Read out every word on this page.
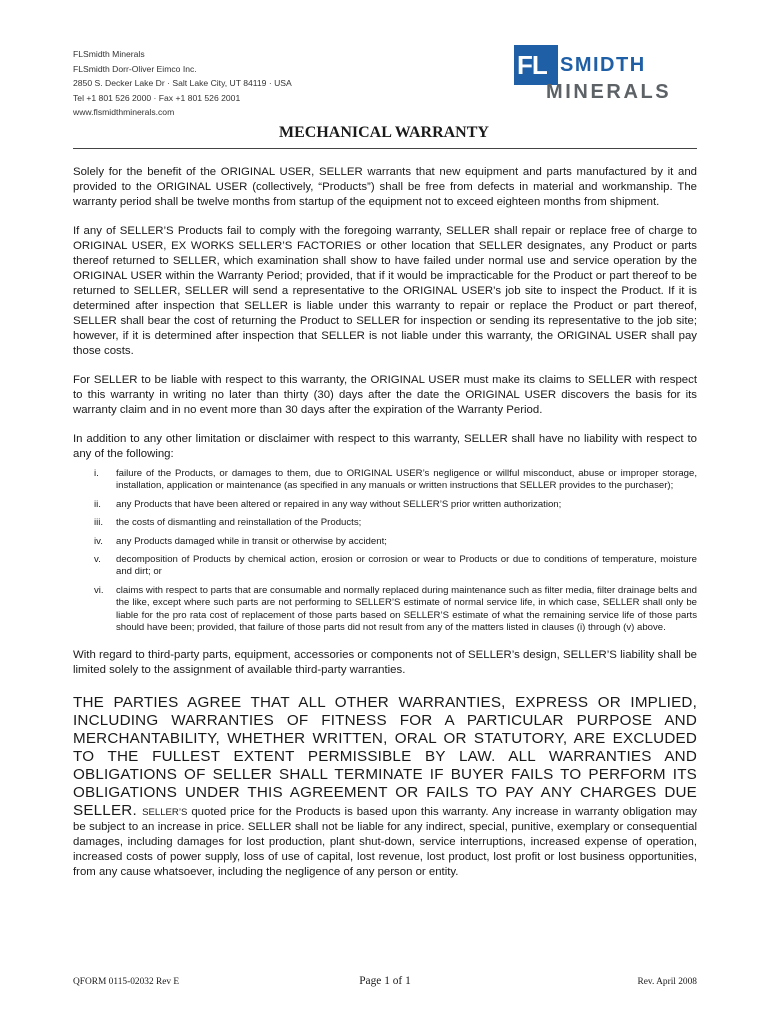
FLSmidth Minerals
FLSmidth Dorr-Oliver Eimco Inc.
2850 S. Decker Lake Dr · Salt Lake City, UT 84119 · USA
Tel +1 801 526 2000 · Fax +1 801 526 2001
www.flsmidthminerals.com
FL SMIDTH
MINERALS
MECHANICAL WARRANTY

Solely for the benefit of the ORIGINAL USER, SELLER warrants that new equipment and parts manufactured by it and provided to the ORIGINAL USER (collectively, “Products”) shall be free from defects in material and workmanship. The warranty period shall be twelve months from startup of the equipment not to exceed eighteen months from shipment.

If any of SELLER’S Products fail to comply with the foregoing warranty, SELLER shall repair or replace free of charge to ORIGINAL USER, EX WORKS SELLER’S FACTORIES or other location that SELLER designates, any Product or parts thereof returned to SELLER, which examination shall show to have failed under normal use and service operation by the ORIGINAL USER within the Warranty Period; provided, that if it would be impracticable for the Product or part thereof to be returned to SELLER, SELLER will send a representative to the ORIGINAL USER’s job site to inspect the Product. If it is determined after inspection that SELLER is liable under this warranty to repair or replace the Product or part thereof, SELLER shall bear the cost of returning the Product to SELLER for inspection or sending its representative to the job site; however, if it is determined after inspection that SELLER is not liable under this warranty, the ORIGINAL USER shall pay those costs.

For SELLER to be liable with respect to this warranty, the ORIGINAL USER must make its claims to SELLER with respect to this warranty in writing no later than thirty (30) days after the date the ORIGINAL USER discovers the basis for its warranty claim and in no event more than 30 days after the expiration of the Warranty Period.

In addition to any other limitation or disclaimer with respect to this warranty, SELLER shall have no liability with respect to any of the following:

i. failure of the Products, or damages to them, due to ORIGINAL USER’s negligence or willful misconduct, abuse or improper storage, installation, application or maintenance (as specified in any manuals or written instructions that SELLER provides to the purchaser);
ii. any Products that have been altered or repaired in any way without SELLER’S prior written authorization;
iii. the costs of dismantling and reinstallation of the Products;
iv. any Products damaged while in transit or otherwise by accident;
v. decomposition of Products by chemical action, erosion or corrosion or wear to Products or due to conditions of temperature, moisture and dirt; or
vi. claims with respect to parts that are consumable and normally replaced during maintenance such as filter media, filter drainage belts and the like, except where such parts are not performing to SELLER’S estimate of normal service life, in which case, SELLER shall only be liable for the pro rata cost of replacement of those parts based on SELLER’S estimate of what the remaining service life of those parts should have been; provided, that failure of those parts did not result from any of the matters listed in clauses (i) through (v) above.

With regard to third-party parts, equipment, accessories or components not of SELLER’s design, SELLER’S liability shall be limited solely to the assignment of available third-party warranties.

THE PARTIES AGREE THAT ALL OTHER WARRANTIES, EXPRESS OR IMPLIED, INCLUDING WARRANTIES OF FITNESS FOR A PARTICULAR PURPOSE AND MERCHANTABILITY, WHETHER WRITTEN, ORAL OR STATUTORY, ARE EXCLUDED TO THE FULLEST EXTENT PERMISSIBLE BY LAW. ALL WARRANTIES AND OBLIGATIONS OF SELLER SHALL TERMINATE IF BUYER FAILS TO PERFORM ITS OBLIGATIONS UNDER THIS AGREEMENT OR FAILS TO PAY ANY CHARGES DUE SELLER. SELLER’S quoted price for the Products is based upon this warranty. Any increase in warranty obligation may be subject to an increase in price. SELLER shall not be liable for any indirect, special, punitive, exemplary or consequential damages, including damages for lost production, plant shut-down, service interruptions, increased expense of operation, increased costs of power supply, loss of use of capital, lost revenue, lost product, lost profit or lost business opportunities, from any cause whatsoever, including the negligence of any person or entity.

QFORM 0115-02032 Rev E	Page 1 of 1	Rev. April 2008
